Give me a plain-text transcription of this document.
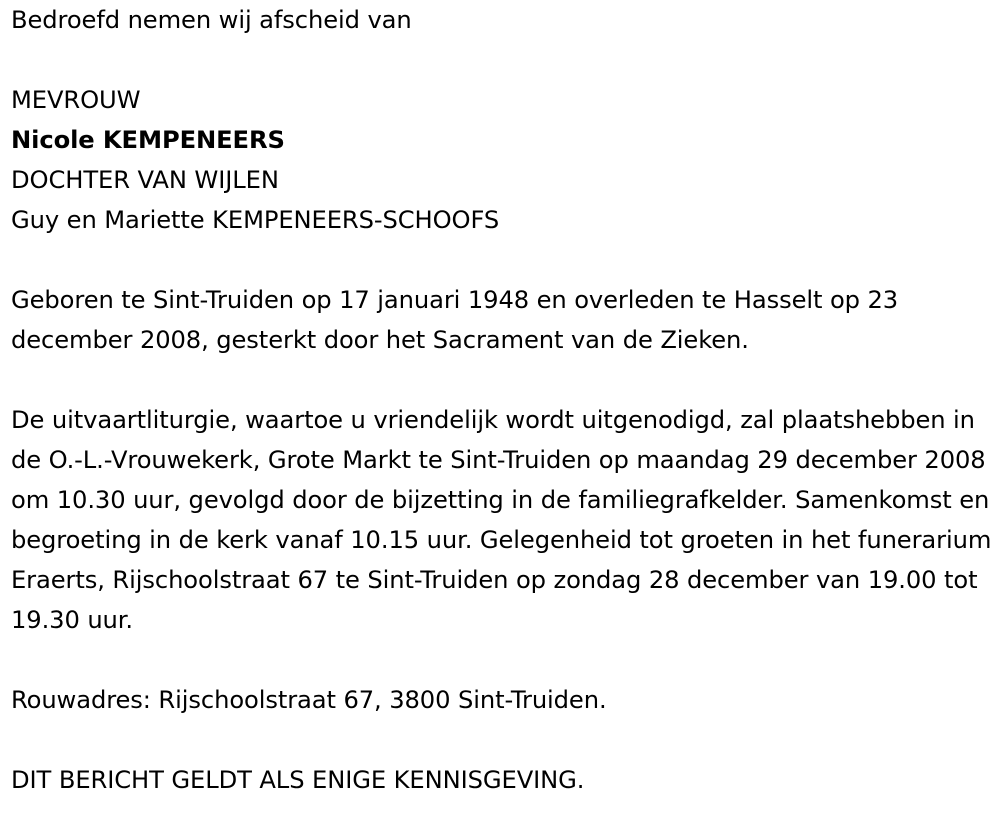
Bedroefd nemen wij afscheid van
MEVROUW
Nicole KEMPENEERS
DOCHTER VAN WIJLEN
Guy en Mariette KEMPENEERS-SCHOOFS

Geboren te Sint-Truiden op 17 januari 1948 en overleden te Hasselt op 23 december 2008, gesterkt door het Sacrament van de Zieken.

De uitvaartliturgie, waartoe u vriendelijk wordt uitgenodigd, zal plaatshebben in de O.-L.-Vrouwekerk, Grote Markt te Sint-Truiden op maandag 29 december 2008 om 10.30 uur, gevolgd door de bijzetting in de familiegrafkelder. Samenkomst en begroeting in de kerk vanaf 10.15 uur. Gelegenheid tot groeten in het funerarium Eraerts, Rijschoolstraat 67 te Sint-Truiden op zondag 28 december van 19.00 tot 19.30 uur.

Rouwadres: Rijschoolstraat 67, 3800 Sint-Truiden.
DIT BERICHT GELDT ALS ENIGE KENNISGEVING.
